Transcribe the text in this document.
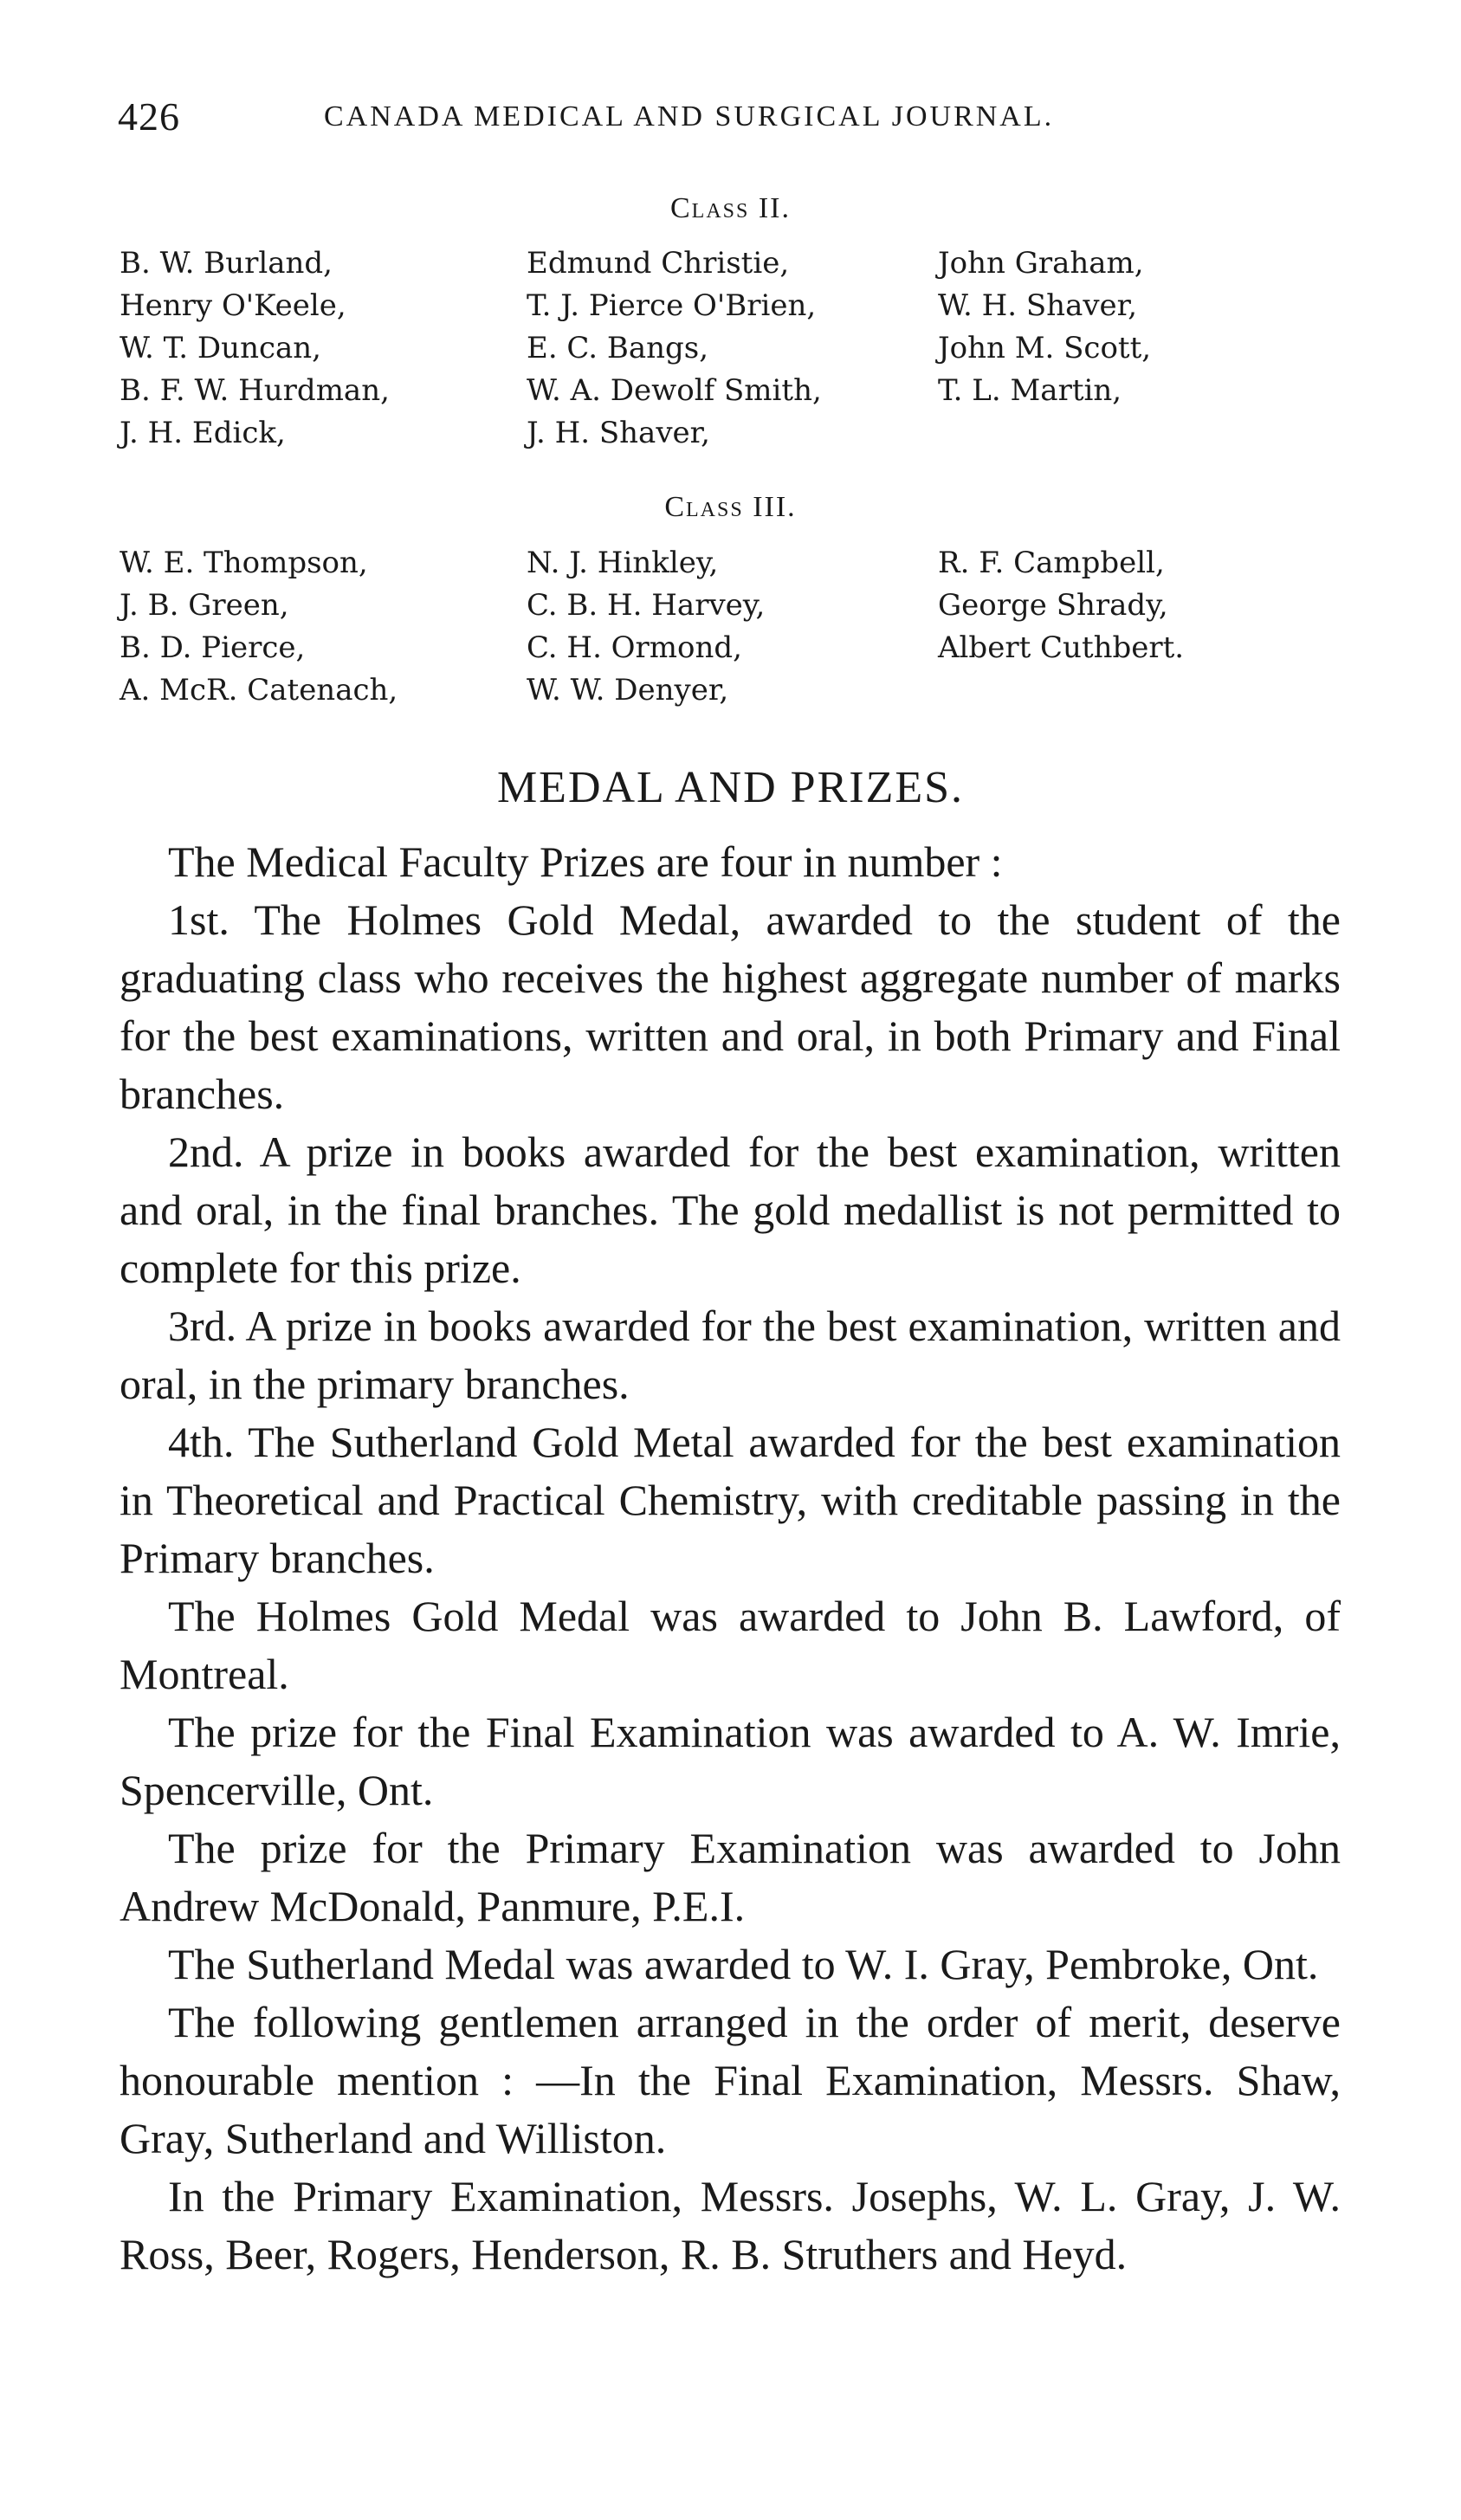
426	CANADA MEDICAL AND SURGICAL JOURNAL.
Class II.
B. W. Burland,
Henry O'Keele,
W. T. Duncan,
B. F. W. Hurdman,
J. H. Edick,
Edmund Christie,
T. J. Pierce O'Brien,
E. C. Bangs,
W. A. Dewolf Smith,
J. H. Shaver,
John Graham,
W. H. Shaver,
John M. Scott,
T. L. Martin,
Class III.
W. E. Thompson,
J. B. Green,
B. D. Pierce,
A. McR. Catenach,
N. J. Hinkley,
C. B. H. Harvey,
C. H. Ormond,
W. W. Denyer,
R. F. Campbell,
George Shrady,
Albert Cuthbert.
MEDAL AND PRIZES.

The Medical Faculty Prizes are four in number :

1st. The Holmes Gold Medal, awarded to the student of the graduating class who receives the highest aggregate number of marks for the best examinations, written and oral, in both Primary and Final branches.

2nd. A prize in books awarded for the best examination, written and oral, in the final branches. The gold medallist is not permitted to complete for this prize.

3rd. A prize in books awarded for the best examination, written and oral, in the primary branches.

4th. The Sutherland Gold Metal awarded for the best examination in Theoretical and Practical Chemistry, with creditable passing in the Primary branches.

The Holmes Gold Medal was awarded to John B. Lawford, of Montreal.

The prize for the Final Examination was awarded to A. W. Imrie, Spencerville, Ont.

The prize for the Primary Examination was awarded to John Andrew McDonald, Panmure, P.E.I.

The Sutherland Medal was awarded to W. I. Gray, Pembroke, Ont.

The following gentlemen arranged in the order of merit, deserve honourable mention : —In the Final Examination, Messrs. Shaw, Gray, Sutherland and Williston.

In the Primary Examination, Messrs. Josephs, W. L. Gray, J. W. Ross, Beer, Rogers, Henderson, R. B. Struthers and Heyd.
